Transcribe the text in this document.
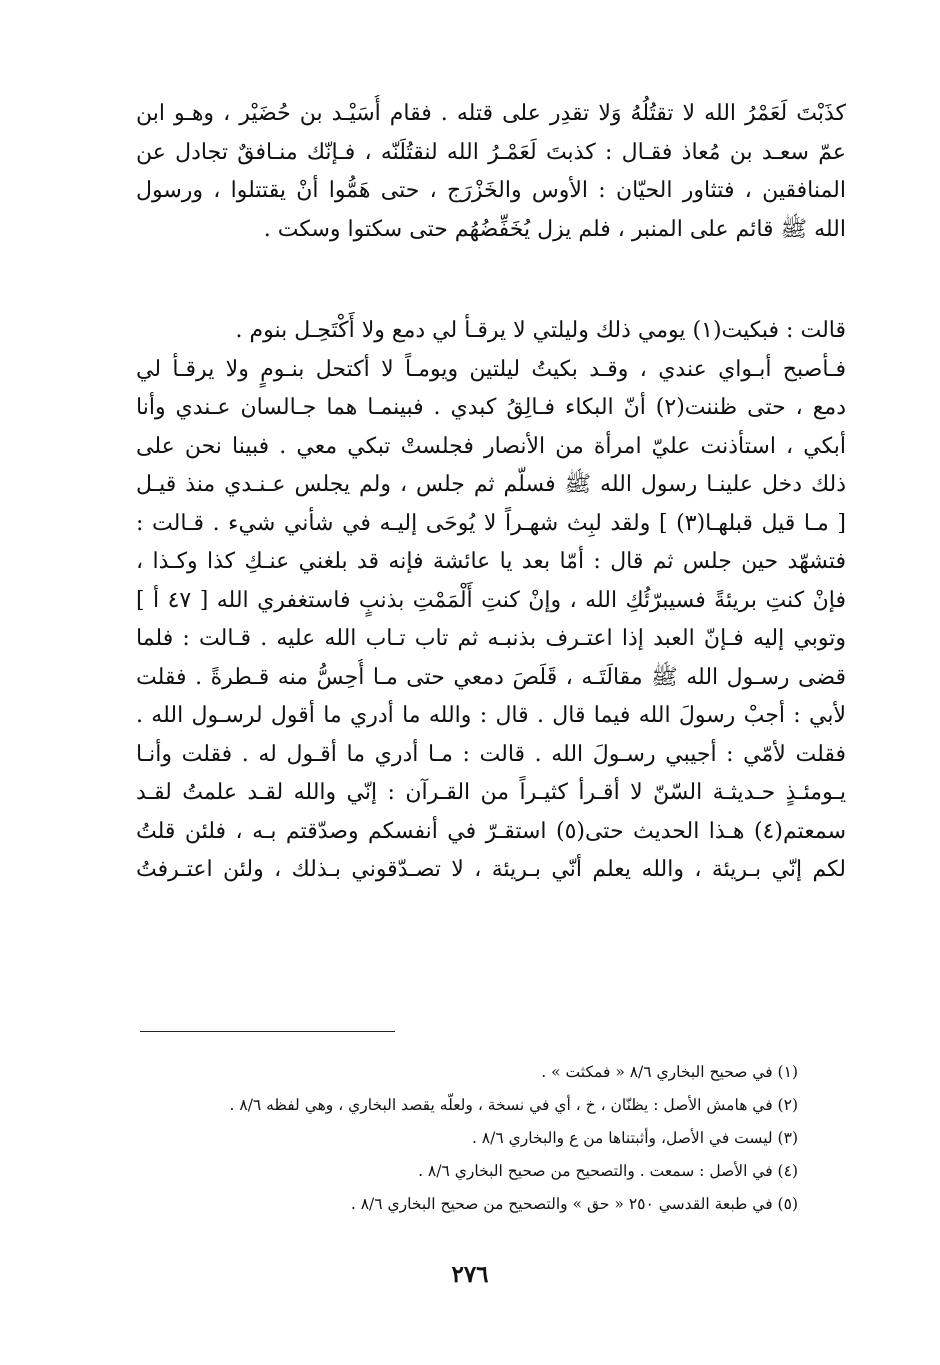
كذَبْتَ لَعَمْرُ الله لا تقتُلُهُ وَلا تقدِر على قتله . فقام أُسَيْـد بن حُضَيْر ، وهـو ابن
عمّ سعـد بن مُعاذ فقـال : كذبتَ لَعَمْـرُ الله لنقتُلَنّه ، فـإنّك منـافقٌ تجادل عن
المنافقين ، فتثاور الحيّان : الأوس والخَزْرَج ، حتى هَمُّوا أنْ يقتتلوا ، ورسول
الله ﷺ قائم على المنبر ، فلم يزل يُخَفِّضُهُم حتى سكتوا وسكت .
قالت : فبكيت(١) يومي ذلك وليلتي لا يرقـأ لي دمع ولا أَكْتَحِـل بنوم .
فـأصبح أبـواي عندي ، وقـد بكيتُ ليلتين ويومـاً لا أكتحل بنـومٍ ولا يرقـأ لي
دمع ، حتى ظننت(٢) أنّ البكاء فـالِقُ كبدي . فبينمـا هما جـالسان عـندي وأنا
أبكي ، استأذنت عليّ امرأة من الأنصار فجلستْ تبكي معي . فبينا نحن على
ذلك دخل علينـا رسول الله ﷺ فسلّم ثم جلس ، ولم يجلس عـنـدي منذ قيـل
[ مـا قيل قبلهـا(٣) ] ولقد لبِث شهـراً لا يُوحَى إليـه في شأني شيء . قـالت :
فتشهّد حين جلس ثم قال : أمّا بعد يا عائشة فإنه قد بلغني عنـكِ كذا وكـذا ،
فإنْ كنتِ بريئةً فسيبرّئُكِ الله ، وإنْ كنتِ أَلْمَمْتِ بذنبٍ فاستغفري الله [ ٤٧ أ ]
وتوبي إليه فـإنّ العبد إذا اعتـرف بذنبـه ثم تاب تـاب الله عليه . قـالت : فلما
قضى رسـول الله ﷺ مقالَتَـه ، قَلَصَ دمعي حتى مـا أُحِسُّ منه قـطرةً . فقلت
لأبي : أجبْ رسولَ الله فيما قال . قال : والله ما أدري ما أقول لرسـول الله .
فقلت لأمّي : أجيبي رسـولَ الله . قالت : مـا أدري ما أقـول له . فقلت وأنـا
يـومئـذٍ حـديثـة السّنّ لا أقـرأ كثيـراً من القـرآن : إنّي والله لقـد علمتُ لقـد
سمعتم(٤) هـذا الحديث حتى(٥) استقـرّ في أنفسكم وصدّقتم بـه ، فلئن قلتُ
لكم إنّي بـريئة ، والله يعلم أنّي بـريئة ، لا تصـدّقوني بـذلك ، ولئن اعتـرفتُ
(١) في صحيح البخاري ٨/٦ « فمكثت » .
(٢) في هامش الأصل : يظنّان ، خ ، أي في نسخة ، ولعلّه يقصد البخاري ، وهي لفظه ٨/٦ .
(٣) ليست في الأصل، وأثبتناها من ع والبخاري ٨/٦ .
(٤) في الأصل : سمعت . والتصحيح من صحيح البخاري ٨/٦ .
(٥) في طبعة القدسي ٢٥٠ « حق » والتصحيح من صحيح البخاري ٨/٦ .
٢٧٦
